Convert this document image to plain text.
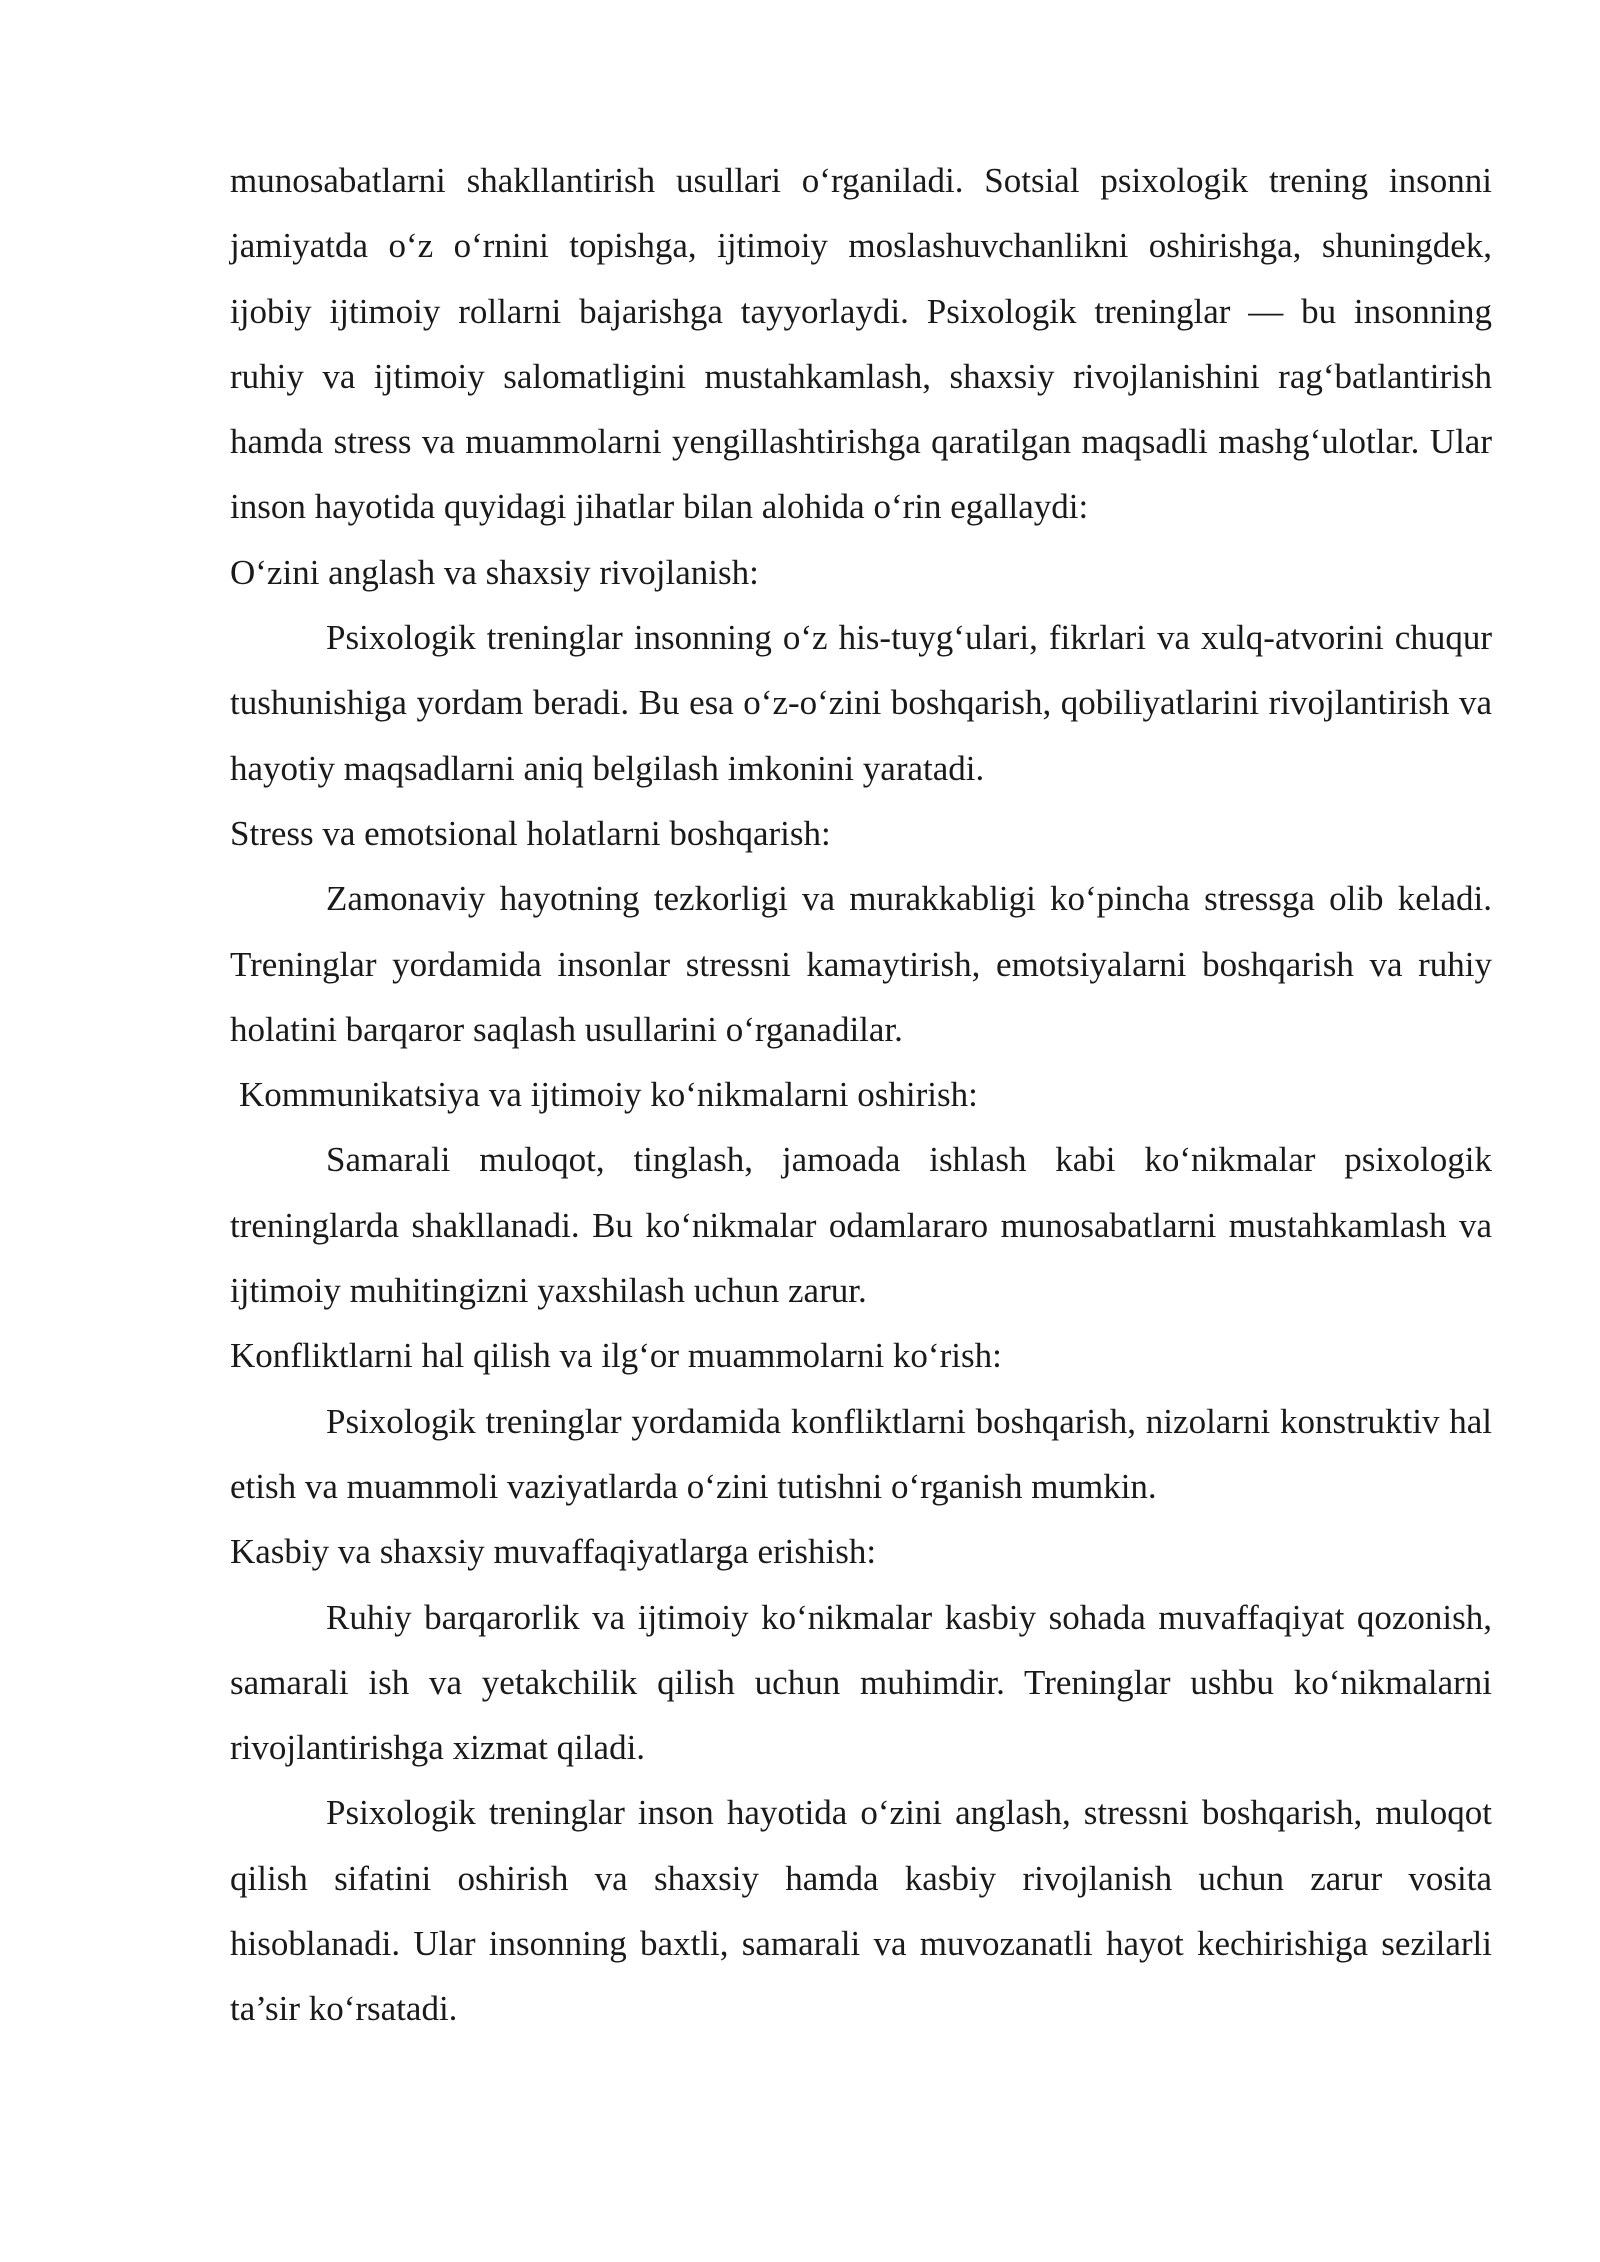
munosabatlarni shakllantirish usullari o‘rganiladi. Sotsial psixologik trening insonni jamiyatda o‘z o‘rnini topishga, ijtimoiy moslashuvchanlikni oshirishga, shuningdek, ijobiy ijtimoiy rollarni bajarishga tayyorlaydi. Psixologik treninglar — bu insonning ruhiy va ijtimoiy salomatligini mustahkamlash, shaxsiy rivojlanishini rag‘batlantirish hamda stress va muammolarni yengillashtirishga qaratilgan maqsadli mashg‘ulotlar. Ular inson hayotida quyidagi jihatlar bilan alohida o‘rin egallaydi:

O‘zini anglash va shaxsiy rivojlanish:

Psixologik treninglar insonning o‘z his-tuyg‘ulari, fikrlari va xulq-atvorini chuqur tushunishiga yordam beradi. Bu esa o‘z-o‘zini boshqarish, qobiliyatlarini rivojlantirish va hayotiy maqsadlarni aniq belgilash imkonini yaratadi.

Stress va emotsional holatlarni boshqarish:

Zamonaviy hayotning tezkorligi va murakkabligi ko‘pincha stressga olib keladi. Treninglar yordamida insonlar stressni kamaytirish, emotsiyalarni boshqarish va ruhiy holatini barqaror saqlash usullarini o‘rganadilar.

Kommunikatsiya va ijtimoiy ko‘nikmalarni oshirish:

Samarali muloqot, tinglash, jamoada ishlash kabi ko‘nikmalar psixologik treninglarda shakllanadi. Bu ko‘nikmalar odamlararo munosabatlarni mustahkamlash va ijtimoiy muhitingizni yaxshilash uchun zarur.

Konfliktlarni hal qilish va ilg‘or muammolarni ko‘rish:

Psixologik treninglar yordamida konfliktlarni boshqarish, nizolarni konstruktiv hal etish va muammoli vaziyatlarda o‘zini tutishni o‘rganish mumkin.

Kasbiy va shaxsiy muvaffaqiyatlarga erishish:

Ruhiy barqarorlik va ijtimoiy ko‘nikmalar kasbiy sohada muvaffaqiyat qozonish, samarali ish va yetakchilik qilish uchun muhimdir. Treninglar ushbu ko‘nikmalarni rivojlantirishga xizmat qiladi.

Psixologik treninglar inson hayotida o‘zini anglash, stressni boshqarish, muloqot qilish sifatini oshirish va shaxsiy hamda kasbiy rivojlanish uchun zarur vosita hisoblanadi. Ular insonning baxtli, samarali va muvozanatli hayot kechirishiga sezilarli ta’sir ko‘rsatadi.
